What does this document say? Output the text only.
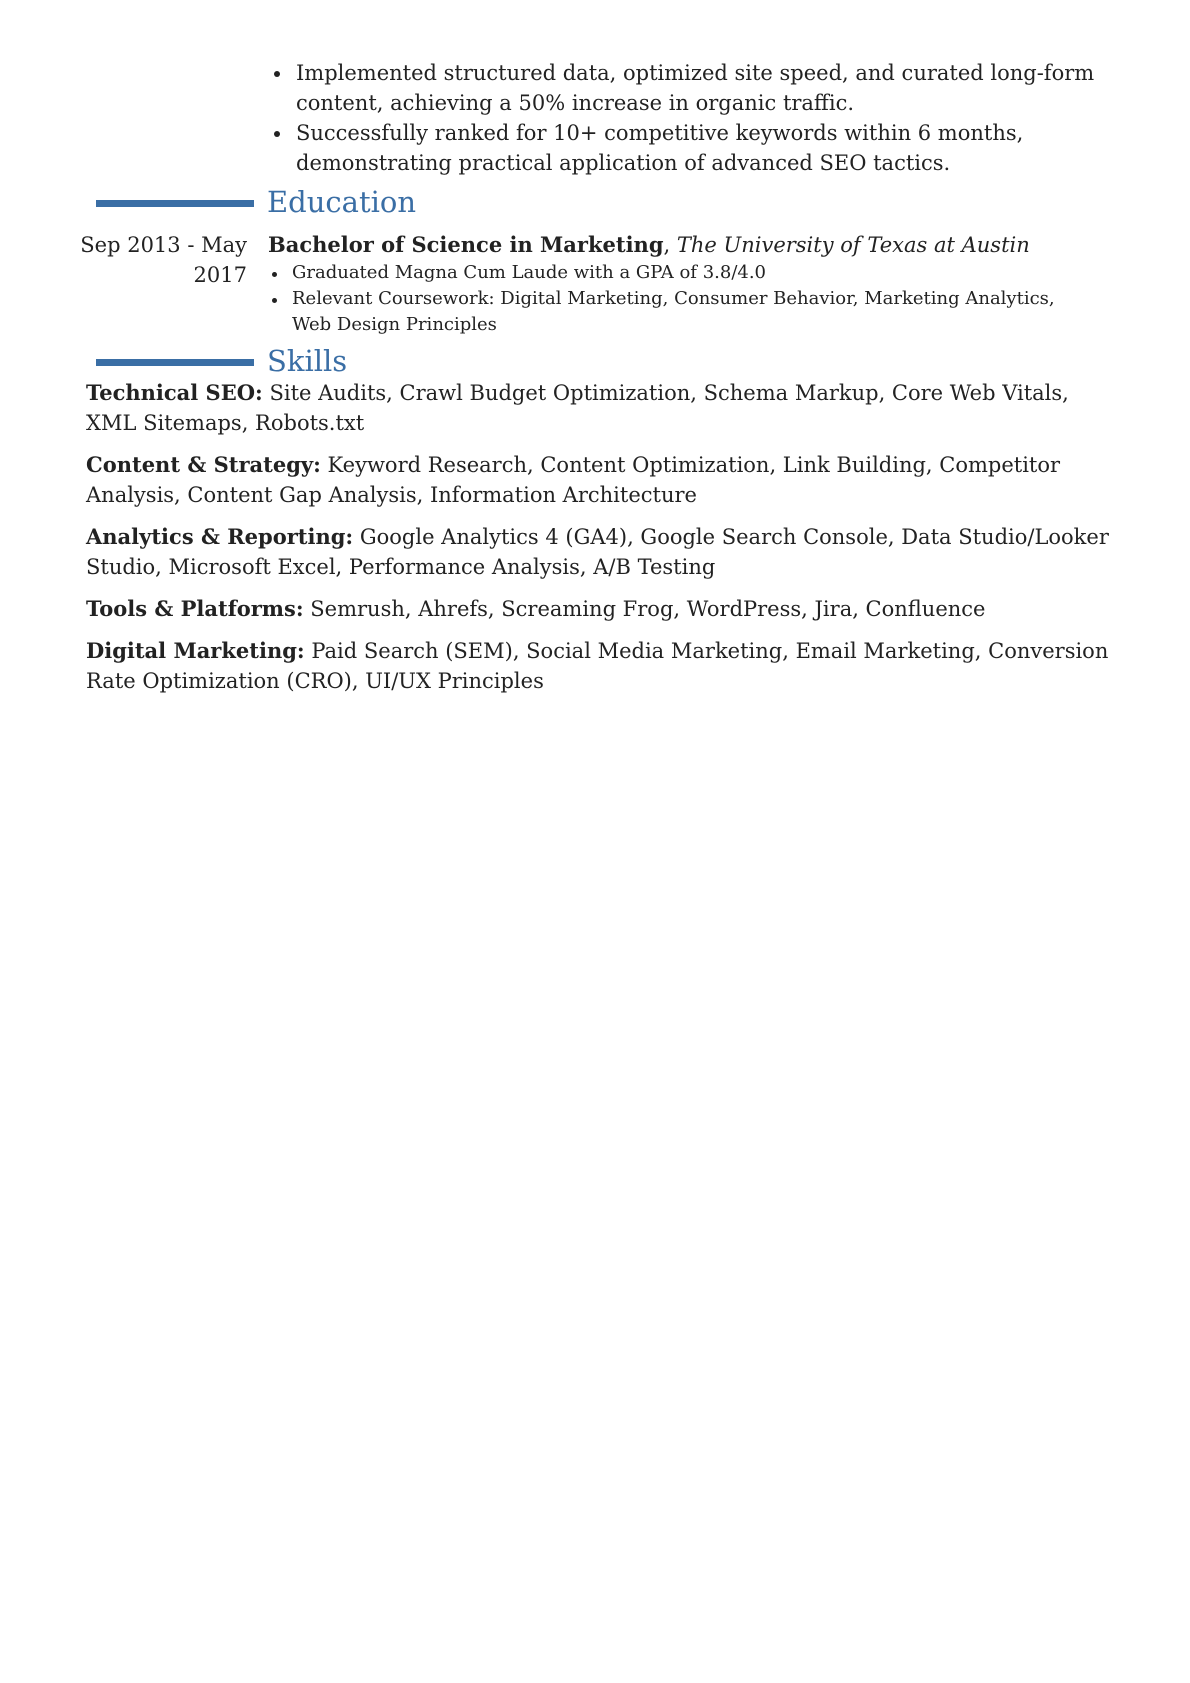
Implemented structured data, optimized site speed, and curated long-form content, achieving a 50% increase in organic traffic.
Successfully ranked for 10+ competitive keywords within 6 months, demonstrating practical application of advanced SEO tactics.
Education
Sep 2013 - May 2017
Bachelor of Science in Marketing, The University of Texas at Austin
Graduated Magna Cum Laude with a GPA of 3.8/4.0
Relevant Coursework: Digital Marketing, Consumer Behavior, Marketing Analytics, Web Design Principles
Skills
Technical SEO: Site Audits, Crawl Budget Optimization, Schema Markup, Core Web Vitals, XML Sitemaps, Robots.txt
Content & Strategy: Keyword Research, Content Optimization, Link Building, Competitor Analysis, Content Gap Analysis, Information Architecture
Analytics & Reporting: Google Analytics 4 (GA4), Google Search Console, Data Studio/Looker Studio, Microsoft Excel, Performance Analysis, A/B Testing
Tools & Platforms: Semrush, Ahrefs, Screaming Frog, WordPress, Jira, Confluence
Digital Marketing: Paid Search (SEM), Social Media Marketing, Email Marketing, Conversion Rate Optimization (CRO), UI/UX Principles
